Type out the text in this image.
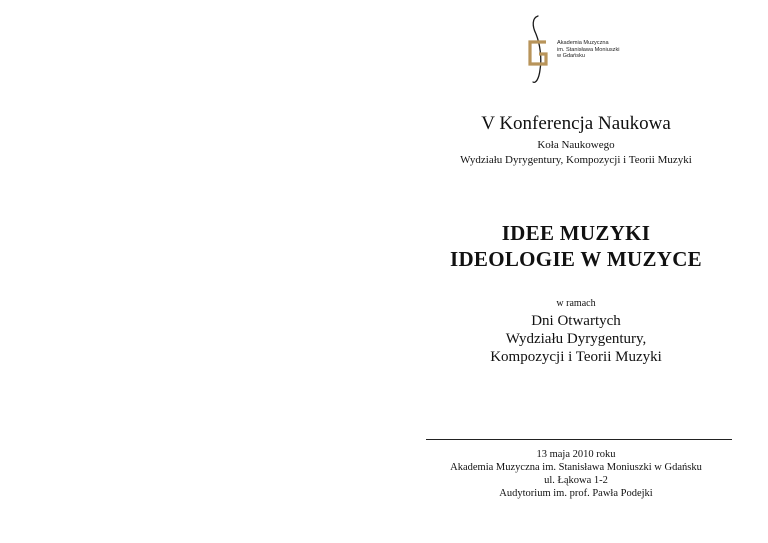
Akademia Muzyczna
im. Stanisława Moniuszki
w Gdańsku
V Konferencja Naukowa
Koła Naukowego
Wydziału Dyrygentury, Kompozycji i Teorii Muzyki
IDEE MUZYKI
IDEOLOGIE W MUZYCE
w ramach
Dni Otwartych
Wydziału Dyrygentury,
Kompozycji i Teorii Muzyki
13 maja 2010 roku
Akademia Muzyczna im. Stanisława Moniuszki w Gdańsku
ul. Łąkowa 1-2
Audytorium im. prof. Pawła Podejki
